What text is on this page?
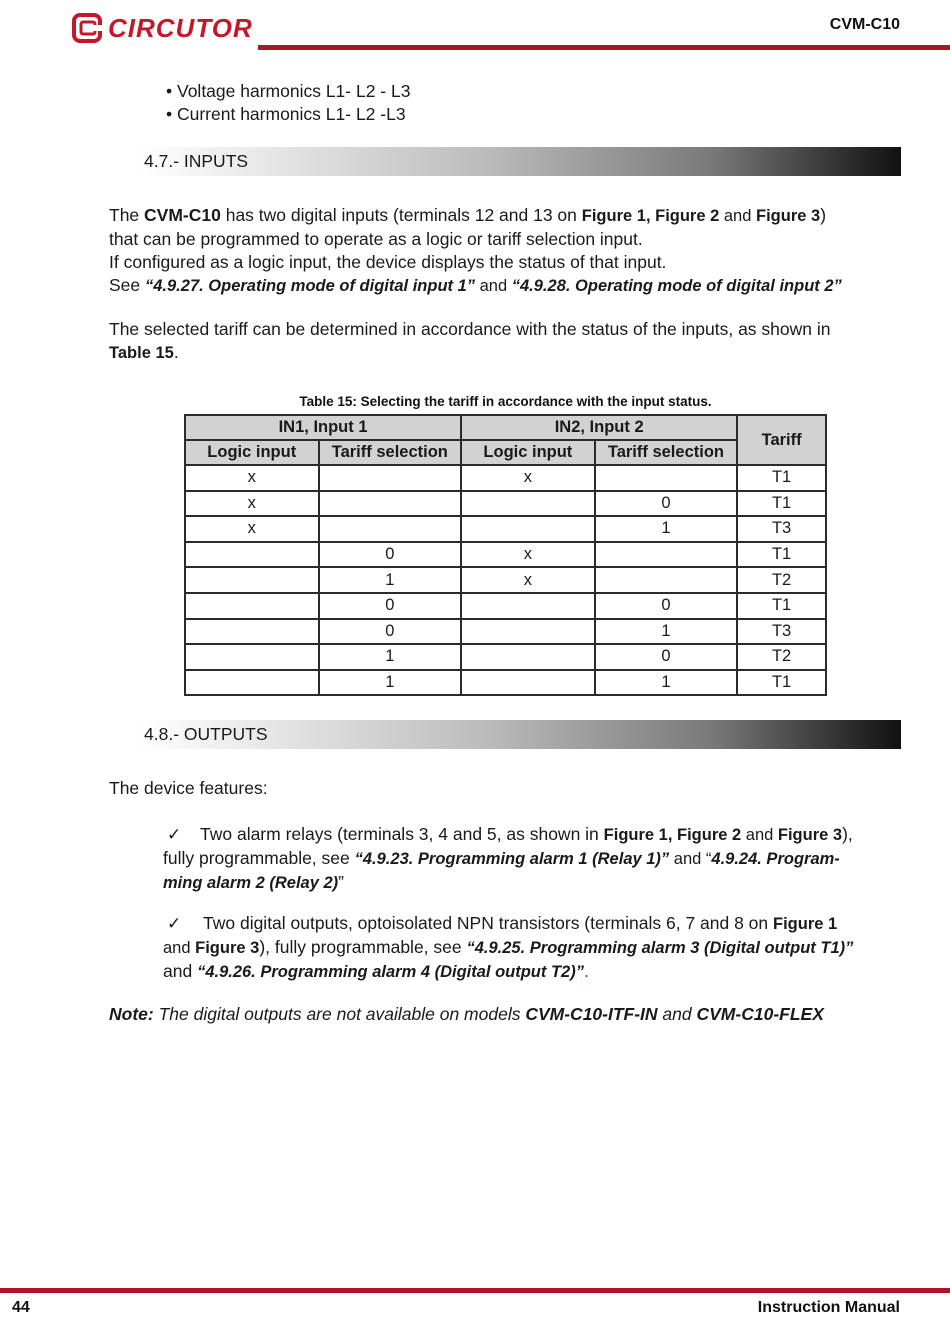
CIRCUTOR	CVM-C10
• Voltage harmonics L1- L2 - L3
• Current harmonics L1- L2 -L3
4.7.- INPUTS
The CVM-C10 has two digital inputs (terminals 12 and 13 on Figure 1, Figure 2 and Figure 3)
that can be programmed to operate as a logic or tariff selection input.
If configured as a logic input, the device displays the status of that input.
See “4.9.27. Operating mode of digital input 1” and “4.9.28. Operating mode of digital input 2”
The selected tariff can be determined in accordance with the status of the inputs, as shown in
Table 15.
Table 15: Selecting the tariff in accordance with the input status.
IN1, Input 1		IN2, Input 2		Tariff
Logic input	Tariff selection	Logic input	Tariff selection	
x		x		T1
x			0	T1
x			1	T3
	0	x		T1
	1	x		T2
	0		0	T1
	0		1	T3
	1		0	T2
	1		1	T1
4.8.- OUTPUTS
The device features:
✓ Two alarm relays (terminals 3, 4 and 5, as shown in Figure 1, Figure 2 and Figure 3),
fully programmable, see “4.9.23. Programming alarm 1 (Relay 1)” and “4.9.24. Program-
ming alarm 2 (Relay 2)”
✓ Two digital outputs, optoisolated NPN transistors (terminals 6, 7 and 8 on Figure 1
and Figure 3), fully programmable, see “4.9.25. Programming alarm 3 (Digital output T1)”
and “4.9.26. Programming alarm 4 (Digital output T2)”.
Note: The digital outputs are not available on models CVM-C10-ITF-IN and CVM-C10-FLEX
44	Instruction Manual
